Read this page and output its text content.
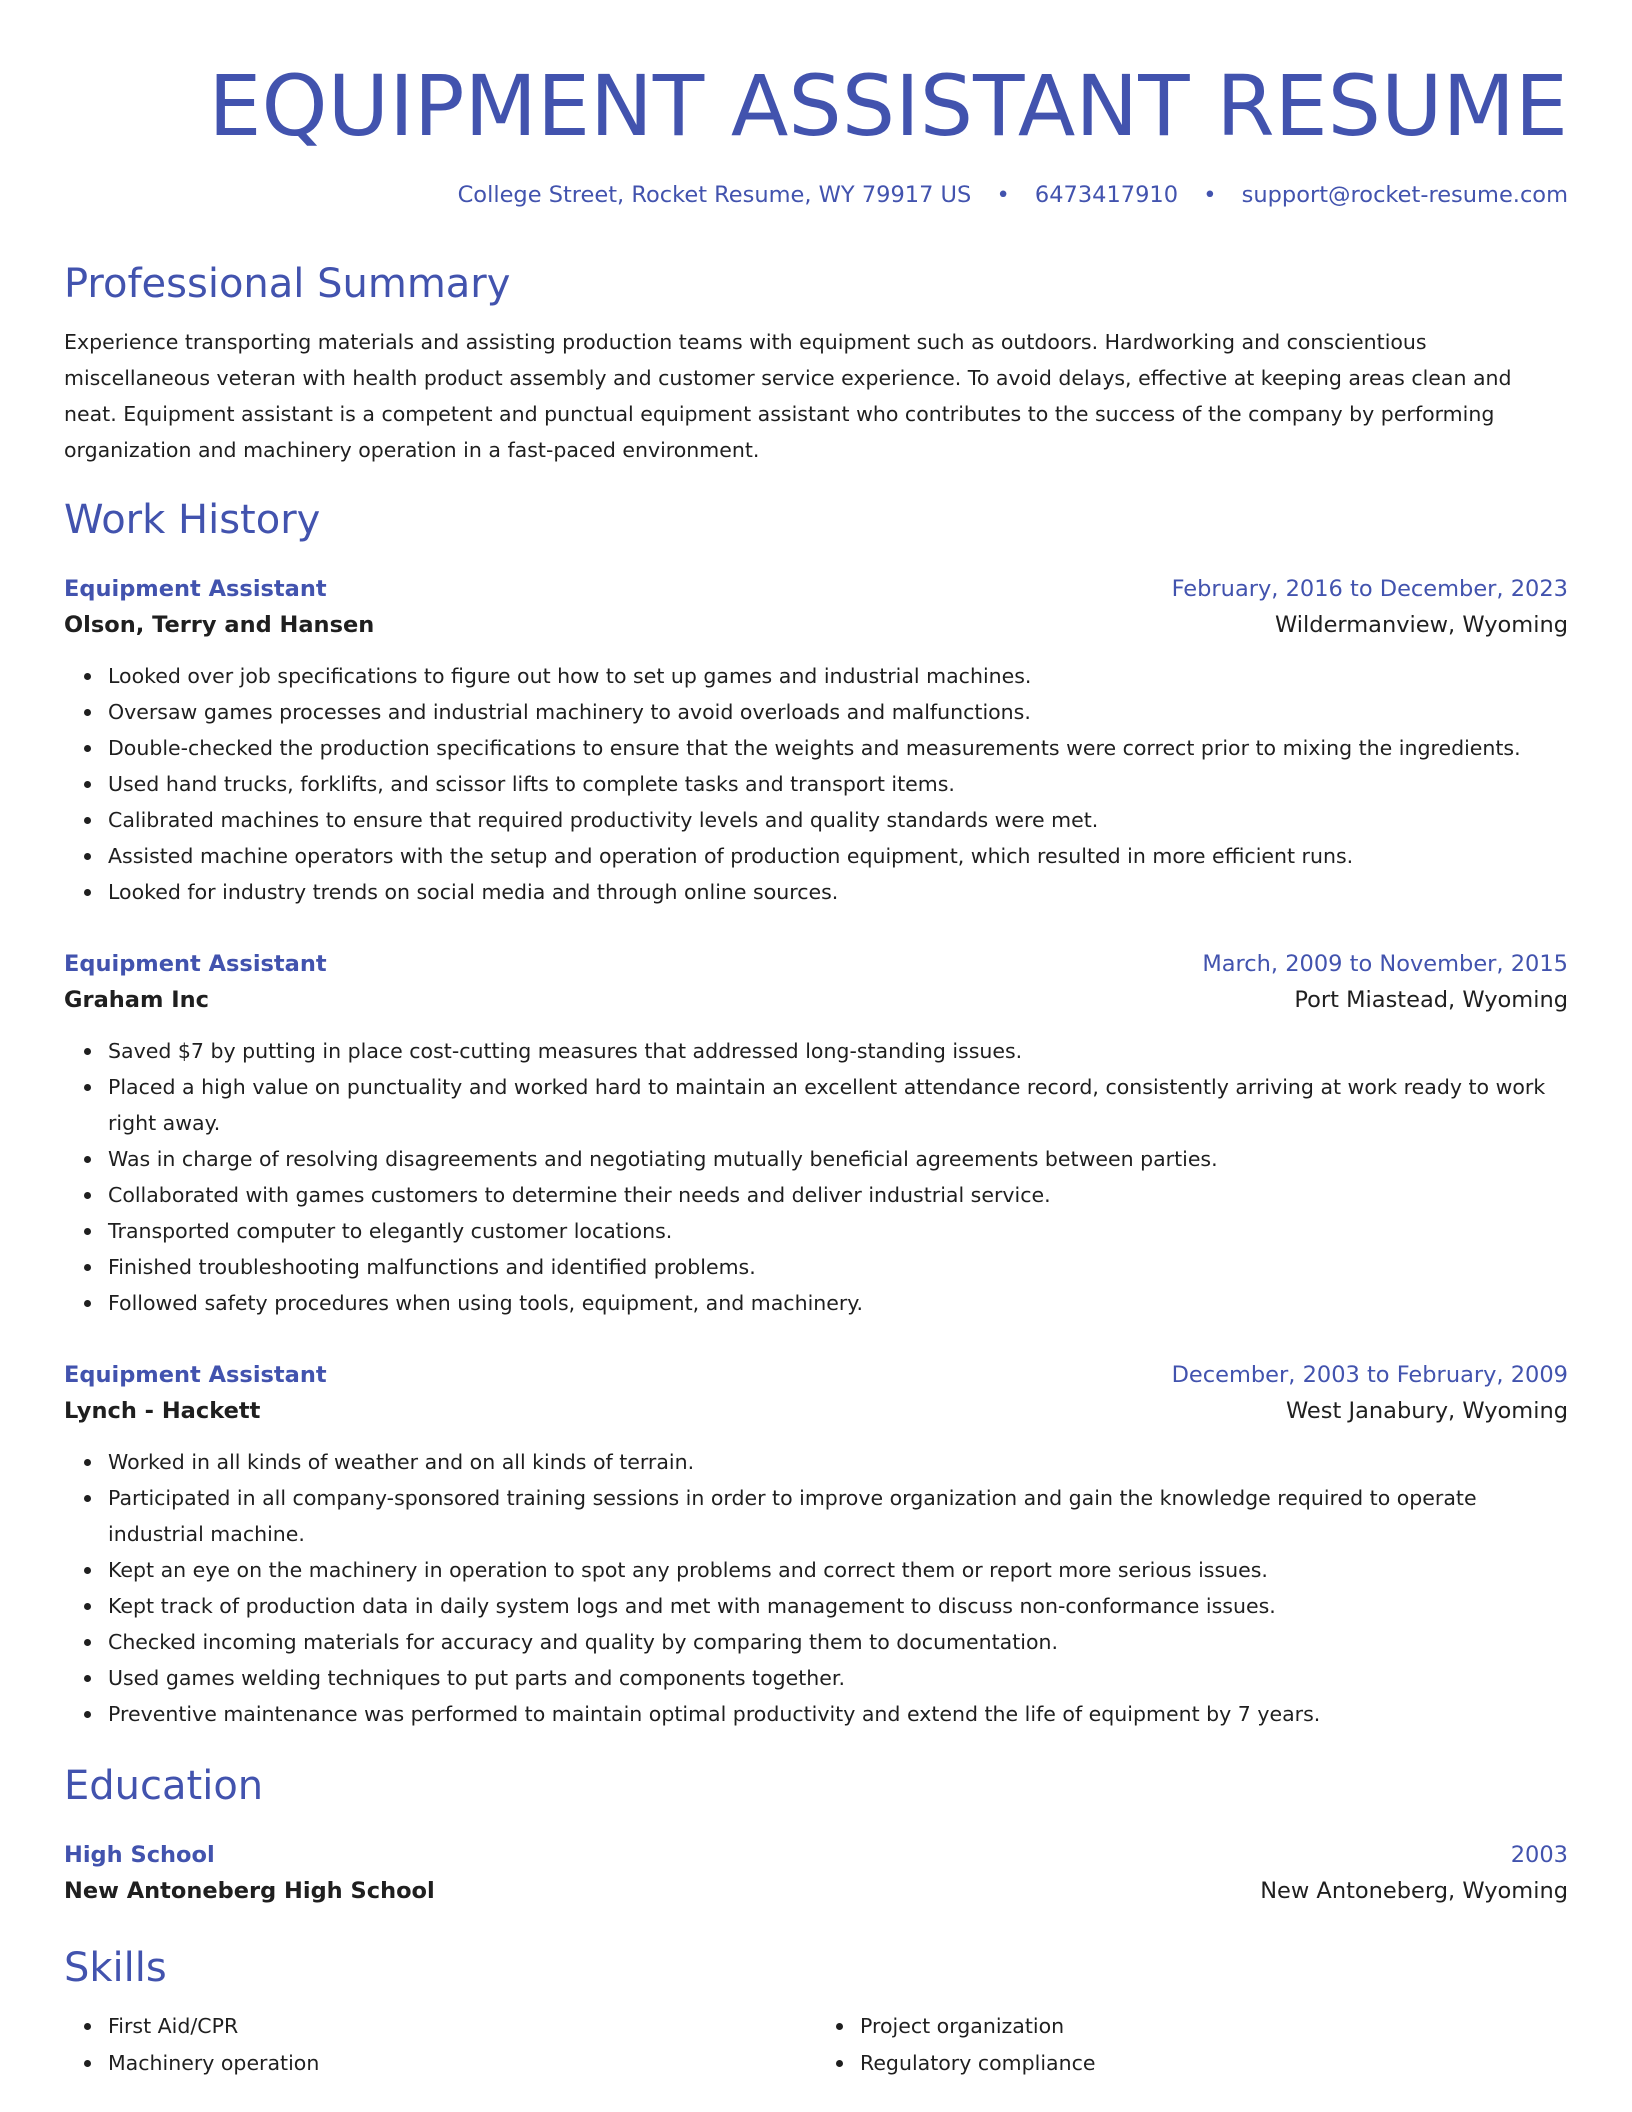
EQUIPMENT ASSISTANT RESUME
College Street, Rocket Resume, WY 79917 US • 6473417910 • support@rocket-resume.com
Professional Summary
Experience transporting materials and assisting production teams with equipment such as outdoors. Hardworking and conscientious miscellaneous veteran with health product assembly and customer service experience. To avoid delays, effective at keeping areas clean and neat. Equipment assistant is a competent and punctual equipment assistant who contributes to the success of the company by performing organization and machinery operation in a fast-paced environment.
Work History
Equipment Assistant	February, 2016 to December, 2023
Olson, Terry and Hansen	Wildermanview, Wyoming
Looked over job specifications to figure out how to set up games and industrial machines.
Oversaw games processes and industrial machinery to avoid overloads and malfunctions.
Double-checked the production specifications to ensure that the weights and measurements were correct prior to mixing the ingredients.
Used hand trucks, forklifts, and scissor lifts to complete tasks and transport items.
Calibrated machines to ensure that required productivity levels and quality standards were met.
Assisted machine operators with the setup and operation of production equipment, which resulted in more efficient runs.
Looked for industry trends on social media and through online sources.
Equipment Assistant	March, 2009 to November, 2015
Graham Inc	Port Miastead, Wyoming
Saved $7 by putting in place cost-cutting measures that addressed long-standing issues.
Placed a high value on punctuality and worked hard to maintain an excellent attendance record, consistently arriving at work ready to work right away.
Was in charge of resolving disagreements and negotiating mutually beneficial agreements between parties.
Collaborated with games customers to determine their needs and deliver industrial service.
Transported computer to elegantly customer locations.
Finished troubleshooting malfunctions and identified problems.
Followed safety procedures when using tools, equipment, and machinery.
Equipment Assistant	December, 2003 to February, 2009
Lynch - Hackett	West Janabury, Wyoming
Worked in all kinds of weather and on all kinds of terrain.
Participated in all company-sponsored training sessions in order to improve organization and gain the knowledge required to operate industrial machine.
Kept an eye on the machinery in operation to spot any problems and correct them or report more serious issues.
Kept track of production data in daily system logs and met with management to discuss non-conformance issues.
Checked incoming materials for accuracy and quality by comparing them to documentation.
Used games welding techniques to put parts and components together.
Preventive maintenance was performed to maintain optimal productivity and extend the life of equipment by 7 years.
Education
High School	2003
New Antoneberg High School	New Antoneberg, Wyoming
Skills
First Aid/CPR
Machinery operation
Project organization
Regulatory compliance
